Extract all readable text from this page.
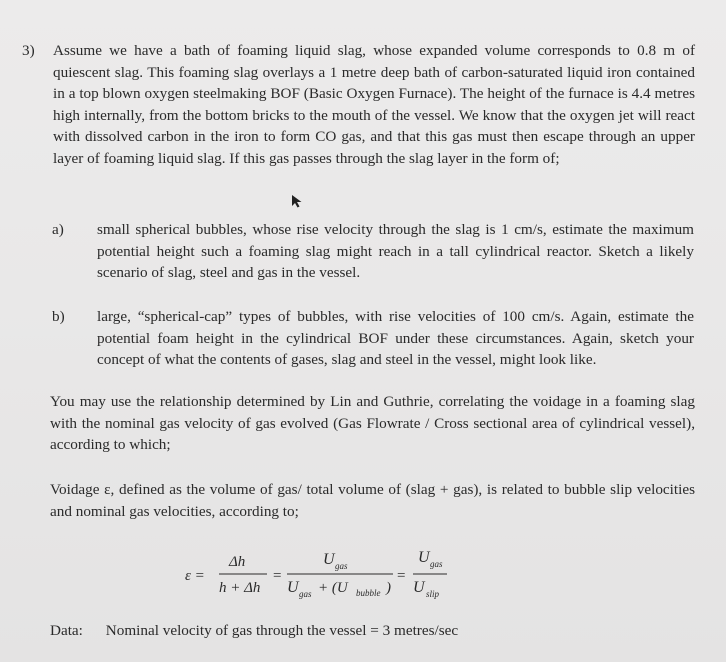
3) Assume we have a bath of foaming liquid slag, whose expanded volume corresponds to 0.8 m of quiescent slag. This foaming slag overlays a 1 metre deep bath of carbon-saturated liquid iron contained in a top blown oxygen steelmaking BOF (Basic Oxygen Furnace). The height of the furnace is 4.4 metres high internally, from the bottom bricks to the mouth of the vessel. We know that the oxygen jet will react with dissolved carbon in the iron to form CO gas, and that this gas must then escape through an upper layer of foaming liquid slag. If this gas passes through the slag layer in the form of;
a) small spherical bubbles, whose rise velocity through the slag is 1 cm/s, estimate the maximum potential height such a foaming slag might reach in a tall cylindrical reactor. Sketch a likely scenario of slag, steel and gas in the vessel.
b) large, “spherical-cap” types of bubbles, with rise velocities of 100 cm/s. Again, estimate the potential foam height in the cylindrical BOF under these circumstances. Again, sketch your concept of what the contents of gases, slag and steel in the vessel, might look like.
You may use the relationship determined by Lin and Guthrie, correlating the voidage in a foaming slag with the nominal gas velocity of gas evolved (Gas Flowrate / Cross sectional area of cylindrical vessel), according to which;
Voidage ε, defined as the volume of gas/ total volume of (slag + gas), is related to bubble slip velocities and nominal gas velocities, according to;
ε =
Δh
h + Δh
=
U gas
U gas + (U bubble )
=
U gas
U slip
Data: Nominal velocity of gas through the vessel = 3 metres/sec
